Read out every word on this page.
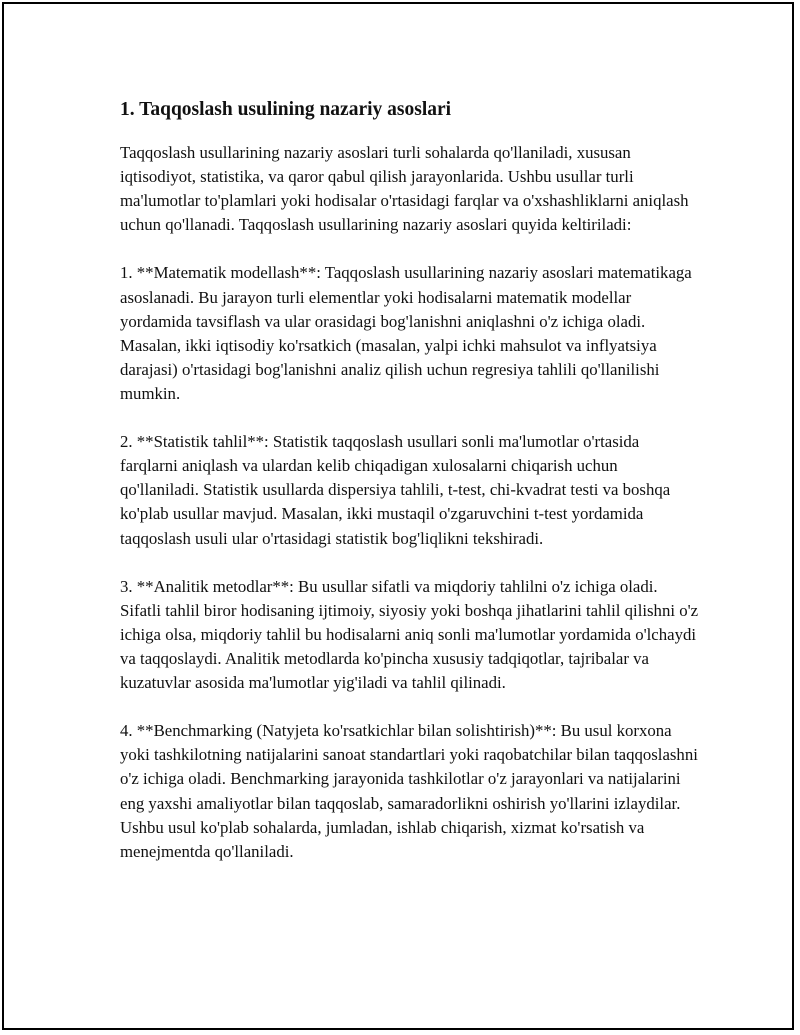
1. Taqqoslash usulining nazariy asoslari

Taqqoslash usullarining nazariy asoslari turli sohalarda qo'llaniladi, xususan iqtisodiyot, statistika, va qaror qabul qilish jarayonlarida. Ushbu usullar turli ma'lumotlar to'plamlari yoki hodisalar o'rtasidagi farqlar va o'xshashliklarni aniqlash uchun qo'llanadi. Taqqoslash usullarining nazariy asoslari quyida keltiriladi:

1. **Matematik modellash**: Taqqoslash usullarining nazariy asoslari matematikaga asoslanadi. Bu jarayon turli elementlar yoki hodisalarni matematik modellar yordamida tavsiflash va ular orasidagi bog'lanishni aniqlashni o'z ichiga oladi. Masalan, ikki iqtisodiy ko'rsatkich (masalan, yalpi ichki mahsulot va inflyatsiya darajasi) o'rtasidagi bog'lanishni analiz qilish uchun regresiya tahlili qo'llanilishi mumkin.

2. **Statistik tahlil**: Statistik taqqoslash usullari sonli ma'lumotlar o'rtasida farqlarni aniqlash va ulardan kelib chiqadigan xulosalarni chiqarish uchun qo'llaniladi. Statistik usullarda dispersiya tahlili, t-test, chi-kvadrat testi va boshqa ko'plab usullar mavjud. Masalan, ikki mustaqil o'zgaruvchini t-test yordamida taqqoslash usuli ular o'rtasidagi statistik bog'liqlikni tekshiradi.

3. **Analitik metodlar**: Bu usullar sifatli va miqdoriy tahlilni o'z ichiga oladi. Sifatli tahlil biror hodisaning ijtimoiy, siyosiy yoki boshqa jihatlarini tahlil qilishni o'z ichiga olsa, miqdoriy tahlil bu hodisalarni aniq sonli ma'lumotlar yordamida o'lchaydi va taqqoslaydi. Analitik metodlarda ko'pincha xususiy tadqiqotlar, tajribalar va kuzatuvlar asosida ma'lumotlar yig'iladi va tahlil qilinadi.

4. **Benchmarking (Natyjeta ko'rsatkichlar bilan solishtirish)**: Bu usul korxona yoki tashkilotning natijalarini sanoat standartlari yoki raqobatchilar bilan taqqoslashni o'z ichiga oladi. Benchmarking jarayonida tashkilotlar o'z jarayonlari va natijalarini eng yaxshi amaliyotlar bilan taqqoslab, samaradorlikni oshirish yo'llarini izlaydilar. Ushbu usul ko'plab sohalarda, jumladan, ishlab chiqarish, xizmat ko'rsatish va menejmentda qo'llaniladi.
